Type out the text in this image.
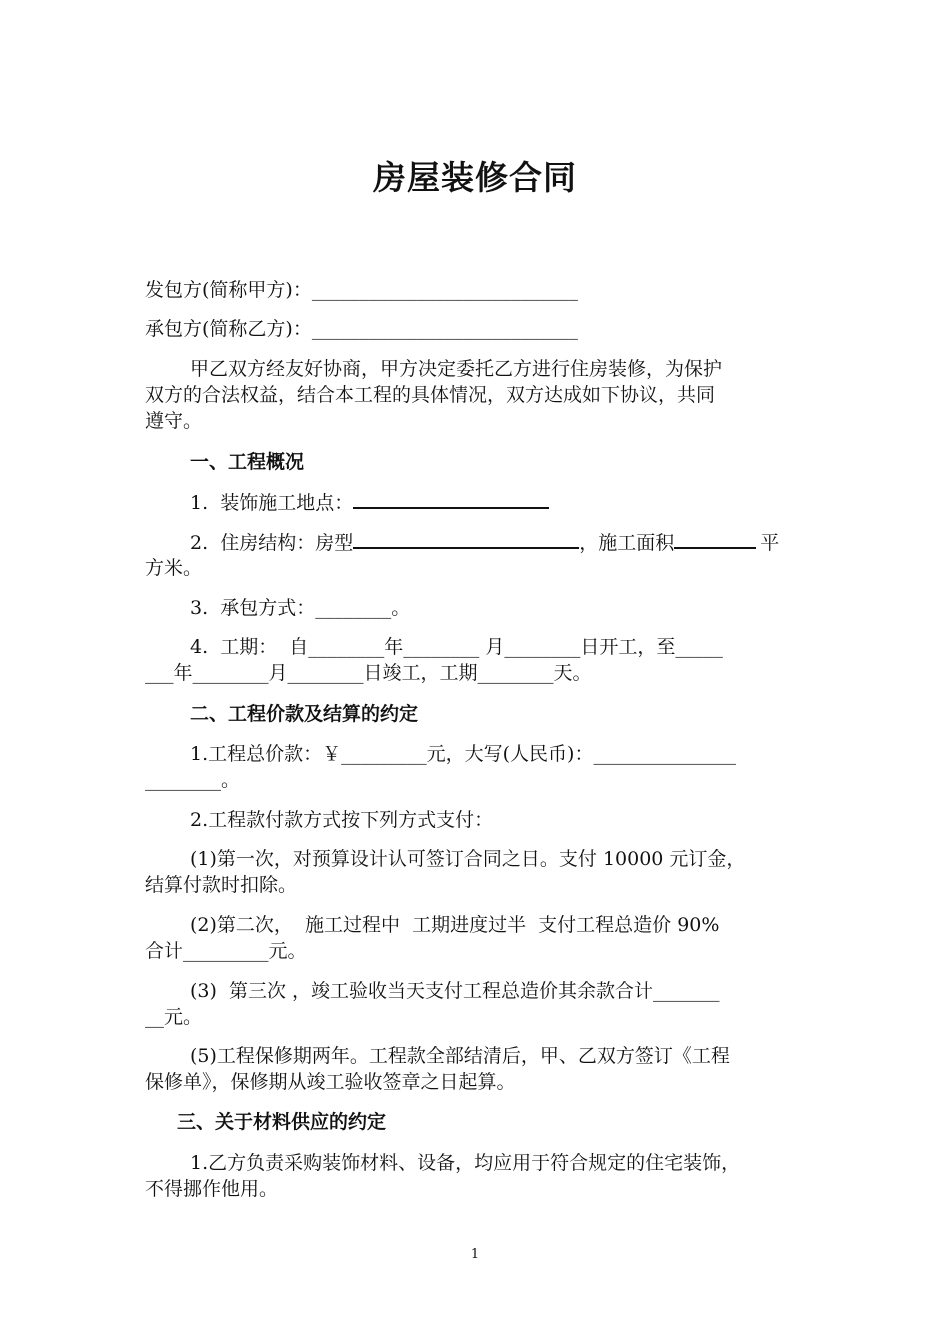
房屋装修合同
发包方(简称甲方)：____________________________
承包方(简称乙方)：____________________________
甲乙双方经友好协商，甲方决定委托乙方进行住房装修，为保护
双方的合法权益，结合本工程的具体情况，双方达成如下协议，共同
遵守。
一、工程概况
1.  装饰施工地点：
2.  住房结构：房型	，施工面积	平
方米。
3.  承包方式：________。
4.  工期：  自________年________ 月________日开工，至_____
___年________月________日竣工，工期________天。
二、工程价款及结算的约定
1.工程总价款：￥_________元，大写(人民币)：_______________
________。
2.工程款付款方式按下列方式支付：
(1)第一次，对预算设计认可签订合同之日。支付 10000 元订金，
结算付款时扣除。
(2)第二次，  施工过程中  工期进度过半  支付工程总造价 90%
合计_________元。
(3)  第三次 ，竣工验收当天支付工程总造价其余款合计_______
__元。
(5)工程保修期两年。工程款全部结清后，甲、乙双方签订《工程
保修单》，保修期从竣工验收签章之日起算。
三、关于材料供应的约定
1.乙方负责采购装饰材料、设备，均应用于符合规定的住宅装饰，
不得挪作他用。
1
